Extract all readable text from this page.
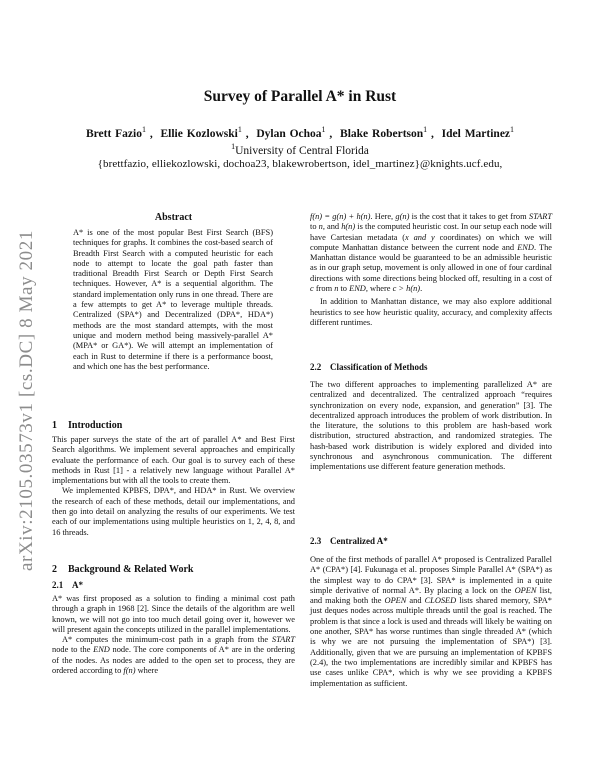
arXiv:2105.03573v1 [cs.DC] 8 May 2021
Survey of Parallel A* in Rust
Brett Fazio$^1$ ,  Ellie Kozlowski$^1$ ,  Dylan Ochoa$^1$ ,  Blake Robertson$^1$ ,  Idel Martinez$^1$
$^1$University of Central Florida
{brettfazio, elliekozlowski, dochoa23, blakewrobertson, idel_martinez}@knights.ucf.edu,
Abstract
A* is one of the most popular Best First Search (BFS) techniques for graphs. It combines the cost-based search of Breadth First Search with a computed heuristic for each node to attempt to locate the goal path faster than traditional Breadth First Search or Depth First Search techniques. However, A* is a sequential algorithm. The standard implementation only runs in one thread. There are a few attempts to get A* to leverage multiple threads. Centralized (SPA*) and Decentralized (DPA*, HDA*) methods are the most standard attempts, with the most unique and modern method being massively-parallel A* (MPA* or GA*). We will attempt an implementation of each in Rust to determine if there is a performance boost, and which one has the best performance.
1 Introduction

This paper surveys the state of the art of parallel A* and Best First Search algorithms. We implement several approaches and empirically evaluate the performance of each. Our goal is to survey each of these methods in Rust [1] - a relatively new language without Parallel A* implementations but with all the tools to create them.

We implemented KPBFS, DPA*, and HDA* in Rust. We overview the research of each of these methods, detail our implementations, and then go into detail on analyzing the results of our experiments. We test each of our implementations using multiple heuristics on 1, 2, 4, 8, and 16 threads.

2 Background & Related Work
2.1 A*

A* was first proposed as a solution to finding a minimal cost path through a graph in 1968 [2]. Since the details of the algorithm are well known, we will not go into too much detail going over it, however we will present again the concepts utilized in the parallel implementations.

A* computes the minimum-cost path in a graph from the START node to the END node. The core components of A* are in the ordering of the nodes. As nodes are added to the open set to process, they are ordered according to f(n) where

f(n) = g(n) + h(n). Here, g(n) is the cost that it takes to get from START to n, and h(n) is the computed heuristic cost. In our setup each node will have Cartesian metadata (x and y coordinates) on which we will compute Manhattan distance between the current node and END. The Manhattan distance would be guaranteed to be an admissible heuristic as in our graph setup, movement is only allowed in one of four cardinal directions with some directions being blocked off, resulting in a cost of c from n to END, where c > h(n).

In addition to Manhattan distance, we may also explore additional heuristics to see how heuristic quality, accuracy, and complexity affects different runtimes.

2.2 Classification of Methods

The two different approaches to implementing parallelized A* are centralized and decentralized. The centralized approach “requires synchronization on every node, expansion, and generation” [3]. The decentralized approach introduces the problem of work distribution. In the literature, the solutions to this problem are hash-based work distribution, structured abstraction, and randomized strategies. The hash-based work distribution is widely explored and divided into synchronous and asynchronous communication. The different implementations use different feature generation methods.

2.3 Centralized A*

One of the first methods of parallel A* proposed is Centralized Parallel A* (CPA*) [4]. Fukunaga et al. proposes Simple Parallel A* (SPA*) as the simplest way to do CPA* [3]. SPA* is implemented in a quite simple derivative of normal A*. By placing a lock on the OPEN list, and making both the OPEN and CLOSED lists shared memory, SPA* just deques nodes across multiple threads until the goal is reached. The problem is that since a lock is used and threads will likely be waiting on one another, SPA* has worse runtimes than single threaded A* (which is why we are not pursuing the implementation of SPA*) [3]. Additionally, given that we are pursuing an implementation of KPBFS (2.4), the two implementations are incredibly similar and KPBFS has use cases unlike CPA*, which is why we see providing a KPBFS implementation as sufficient.
